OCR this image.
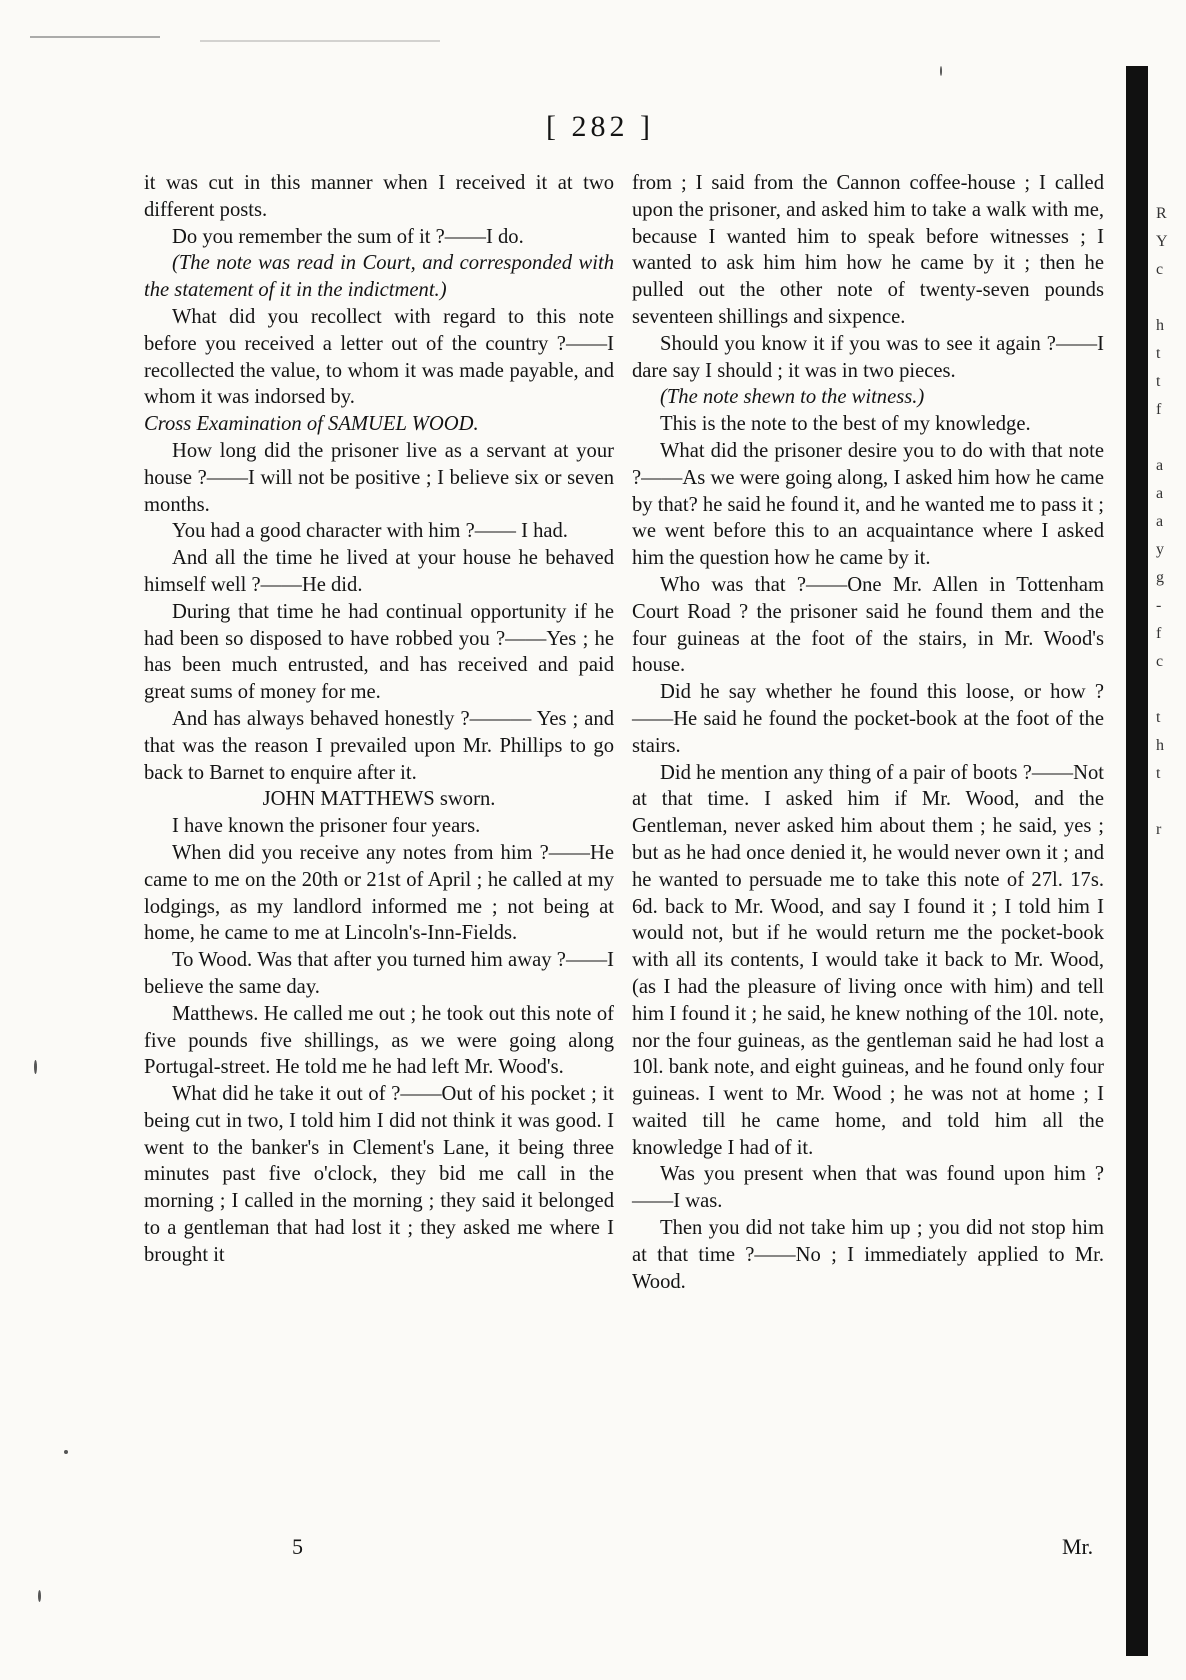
[ 282 ]

it was cut in this manner when I received it at two different posts.

Do you remember the sum of it ?——I do.

(The note was read in Court, and corresponded with the statement of it in the indictment.)

What did you recollect with regard to this note before you received a letter out of the country ?——I recollected the value, to whom it was made payable, and whom it was indorsed by.

Cross Examination of SAMUEL WOOD.

How long did the prisoner live as a servant at your house ?——I will not be positive ; I believe six or seven months.

You had a good character with him ?—— I had.

And all the time he lived at your house he behaved himself well ?——He did.

During that time he had continual opportunity if he had been so disposed to have robbed you ?——Yes ; he has been much entrusted, and has received and paid great sums of money for me.

And has always behaved honestly ?——— Yes ; and that was the reason I prevailed upon Mr. Phillips to go back to Barnet to enquire after it.

JOHN MATTHEWS sworn.

I have known the prisoner four years.

When did you receive any notes from him ?——He came to me on the 20th or 21st of April ; he called at my lodgings, as my landlord informed me ; not being at home, he came to me at Lincoln's-Inn-Fields.

To Wood. Was that after you turned him away ?——I believe the same day.

Matthews. He called me out ; he took out this note of five pounds five shillings, as we were going along Portugal-street. He told me he had left Mr. Wood's.

What did he take it out of ?——Out of his pocket ; it being cut in two, I told him I did not think it was good. I went to the banker's in Clement's Lane, it being three minutes past five o'clock, they bid me call in the morning ; I called in the morning ; they said it belonged to a gentleman that had lost it ; they asked me where I brought it

from ; I said from the Cannon coffee-house ; I called upon the prisoner, and asked him to take a walk with me, because I wanted him to speak before witnesses ; I wanted to ask him him how he came by it ; then he pulled out the other note of twenty-seven pounds seventeen shillings and sixpence.

Should you know it if you was to see it again ?——I dare say I should ; it was in two pieces.

(The note shewn to the witness.)

This is the note to the best of my knowledge.

What did the prisoner desire you to do with that note ?——As we were going along, I asked him how he came by that? he said he found it, and he wanted me to pass it ; we went before this to an acquaintance where I asked him the question how he came by it.

Who was that ?——One Mr. Allen in Tottenham Court Road ? the prisoner said he found them and the four guineas at the foot of the stairs, in Mr. Wood's house.

Did he say whether he found this loose, or how ?——He said he found the pocket-book at the foot of the stairs.

Did he mention any thing of a pair of boots ?——Not at that time. I asked him if Mr. Wood, and the Gentleman, never asked him about them ; he said, yes ; but as he had once denied it, he would never own it ; and he wanted to persuade me to take this note of 27l. 17s. 6d. back to Mr. Wood, and say I found it ; I told him I would not, but if he would return me the pocket-book with all its contents, I would take it back to Mr. Wood, (as I had the pleasure of living once with him) and tell him I found it ; he said, he knew nothing of the 10l. note, nor the four guineas, as the gentleman said he had lost a 10l. bank note, and eight guineas, and he found only four guineas. I went to Mr. Wood ; he was not at home ; I waited till he came home, and told him all the knowledge I had of it.

Was you present when that was found upon him ?——I was.

Then you did not take him up ; you did not stop him at that time ?——No ; I immediately applied to Mr. Wood.

5	Mr.
R
Y
c
h
t
t
f
a
a
a
y
g
-
f
c
t
h
t
r
